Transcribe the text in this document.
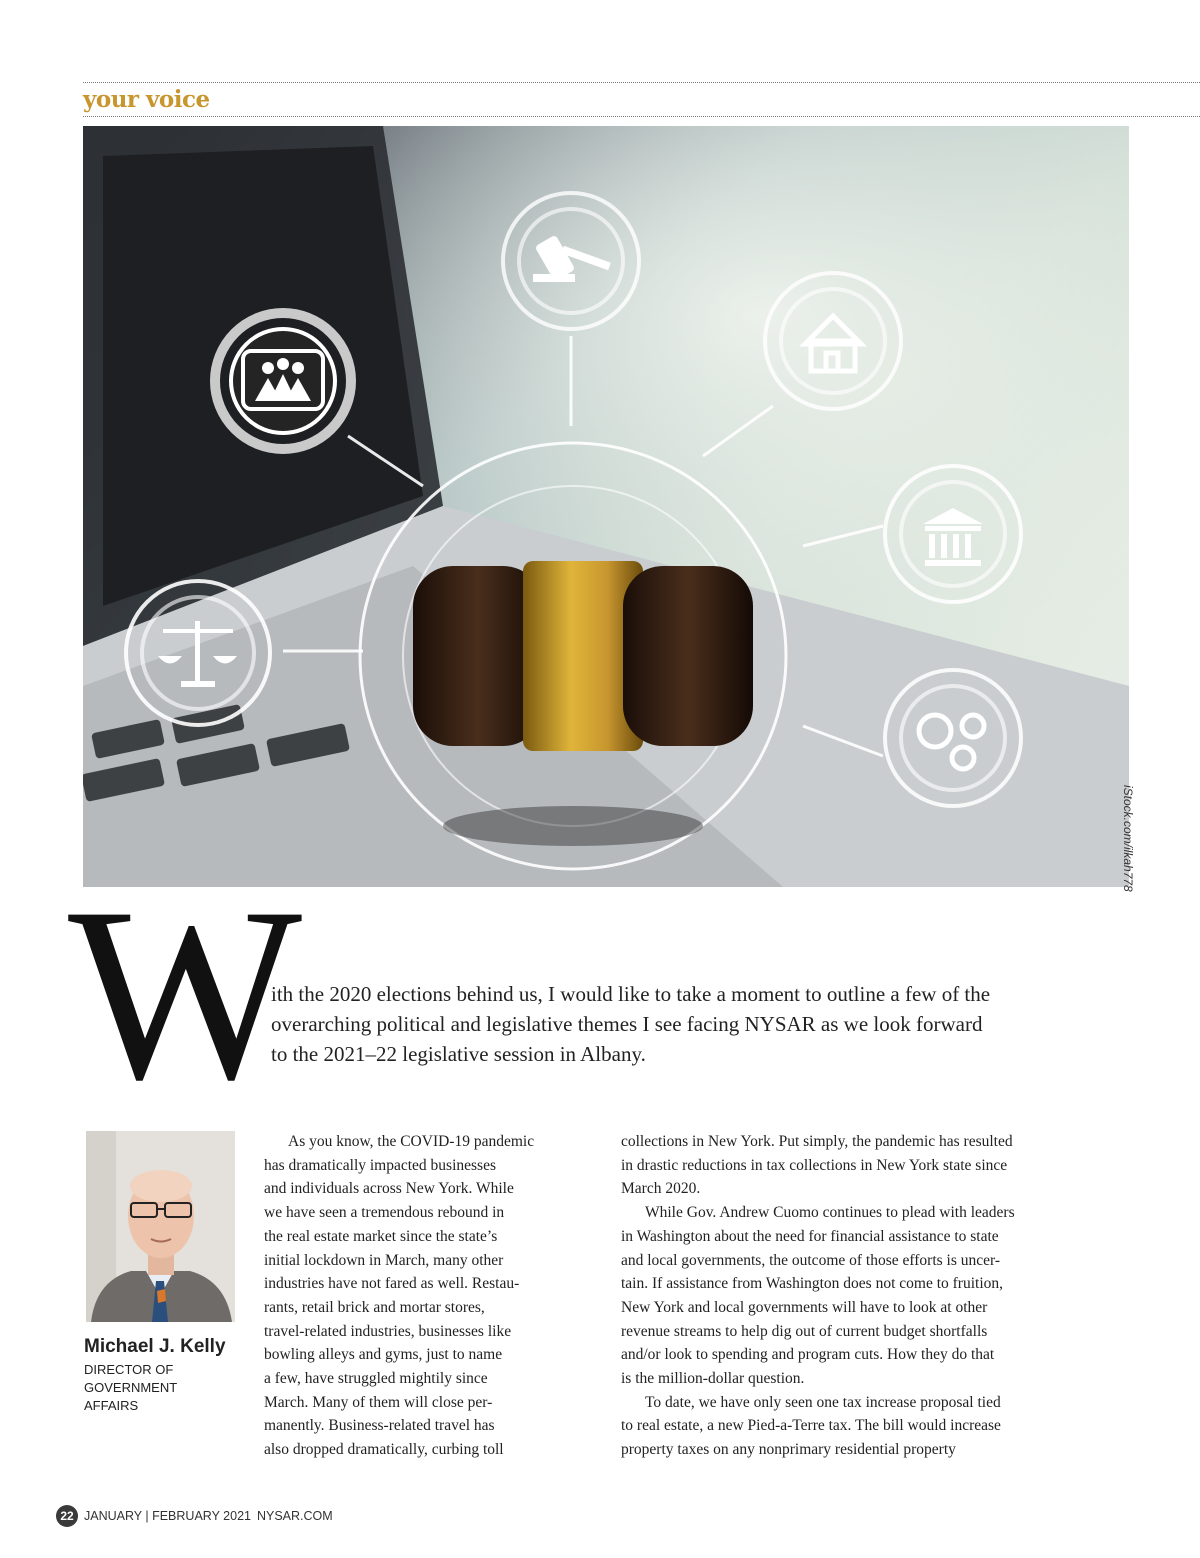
your voice
iStock.com/ilkah778
W

ith the 2020 elections behind us, I would like to take a moment to outline a few of the
overarching political and legislative themes I see facing NYSAR as we look forward
to the 2021–22 legislative session in Albany.

Michael J. Kelly
DIRECTOR OF
GOVERNMENT
AFFAIRS
As you know, the COVID-19 pandemic
has dramatically impacted businesses
and individuals across New York. While
we have seen a tremendous rebound in
the real estate market since the state’s
initial lockdown in March, many other
industries have not fared as well. Restau-
rants, retail brick and mortar stores,
travel-related industries, businesses like
bowling alleys and gyms, just to name
a few, have struggled mightily since
March. Many of them will close per-
manently. Business-related travel has
also dropped dramatically, curbing toll
collections in New York. Put simply, the pandemic has resulted
in drastic reductions in tax collections in New York state since
March 2020.
While Gov. Andrew Cuomo continues to plead with leaders
in Washington about the need for financial assistance to state
and local governments, the outcome of those efforts is uncer-
tain. If assistance from Washington does not come to fruition,
New York and local governments will have to look at other
revenue streams to help dig out of current budget shortfalls
and/or look to spending and program cuts. How they do that
is the million-dollar question.
To date, we have only seen one tax increase proposal tied
to real estate, a new Pied-a-Terre tax. The bill would increase
property taxes on any nonprimary residential property
22 JANUARY | FEBRUARY 2021 NYSAR.COM
